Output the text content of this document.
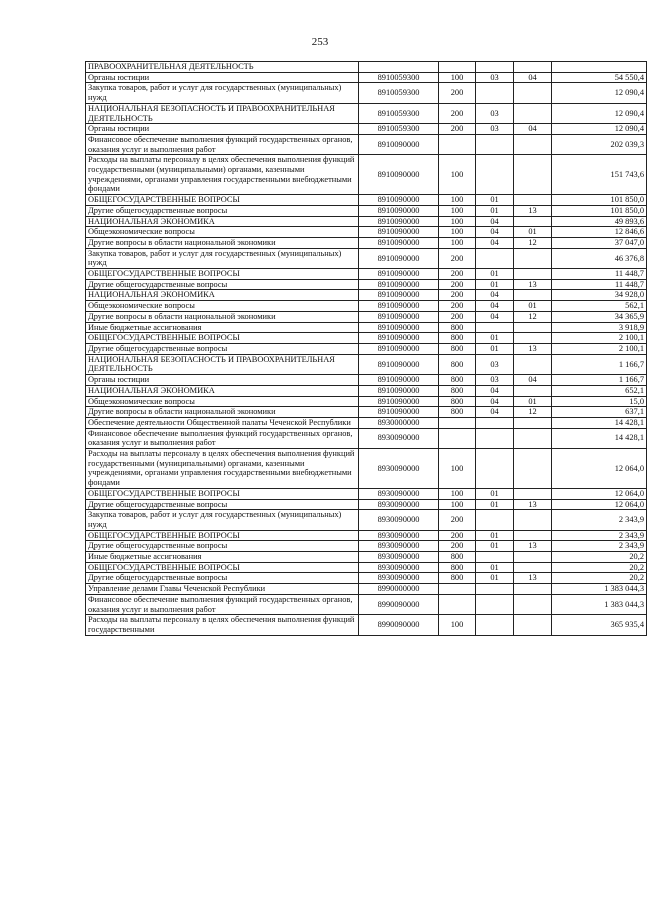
253
ПРАВООХРАНИТЕЛЬНАЯ ДЕЯТЕЛЬНОСТЬ					
Органы юстиции	8910059300	100	03	04	54 550,4
Закупка товаров, работ и услуг для государственных (муниципальных) нужд	8910059300	200			12 090,4
НАЦИОНАЛЬНАЯ БЕЗОПАСНОСТЬ И ПРАВООХРАНИТЕЛЬНАЯ ДЕЯТЕЛЬНОСТЬ	8910059300	200	03		12 090,4
Органы юстиции	8910059300	200	03	04	12 090,4
Финансовое обеспечение выполнения функций государственных органов, оказания услуг и выполнения работ	8910090000				202 039,3
Расходы на выплаты персоналу в целях обеспечения выполнения функций государственными (муниципальными) органами, казенными учреждениями, органами управления государственными внебюджетными фондами	8910090000	100			151 743,6
ОБЩЕГОСУДАРСТВЕННЫЕ ВОПРОСЫ	8910090000	100	01		101 850,0
Другие общегосударственные вопросы	8910090000	100	01	13	101 850,0
НАЦИОНАЛЬНАЯ ЭКОНОМИКА	8910090000	100	04		49 893,6
Общеэкономические вопросы	8910090000	100	04	01	12 846,6
Другие вопросы в области национальной экономики	8910090000	100	04	12	37 047,0
Закупка товаров, работ и услуг для государственных (муниципальных) нужд	8910090000	200			46 376,8
ОБЩЕГОСУДАРСТВЕННЫЕ ВОПРОСЫ	8910090000	200	01		11 448,7
Другие общегосударственные вопросы	8910090000	200	01	13	11 448,7
НАЦИОНАЛЬНАЯ ЭКОНОМИКА	8910090000	200	04		34 928,0
Общеэкономические вопросы	8910090000	200	04	01	562,1
Другие вопросы в области национальной экономики	8910090000	200	04	12	34 365,9
Иные бюджетные ассигнования	8910090000	800			3 918,9
ОБЩЕГОСУДАРСТВЕННЫЕ ВОПРОСЫ	8910090000	800	01		2 100,1
Другие общегосударственные вопросы	8910090000	800	01	13	2 100,1
НАЦИОНАЛЬНАЯ БЕЗОПАСНОСТЬ И ПРАВООХРАНИТЕЛЬНАЯ ДЕЯТЕЛЬНОСТЬ	8910090000	800	03		1 166,7
Органы юстиции	8910090000	800	03	04	1 166,7
НАЦИОНАЛЬНАЯ ЭКОНОМИКА	8910090000	800	04		652,1
Общеэкономические вопросы	8910090000	800	04	01	15,0
Другие вопросы в области национальной экономики	8910090000	800	04	12	637,1
Обеспечение деятельности Общественной палаты Чеченской Республики	8930000000				14 428,1
Финансовое обеспечение выполнения функций государственных органов, оказания услуг и выполнения работ	8930090000				14 428,1
Расходы на выплаты персоналу в целях обеспечения выполнения функций государственными (муниципальными) органами, казенными учреждениями, органами управления государственными внебюджетными фондами	8930090000	100			12 064,0
ОБЩЕГОСУДАРСТВЕННЫЕ ВОПРОСЫ	8930090000	100	01		12 064,0
Другие общегосударственные вопросы	8930090000	100	01	13	12 064,0
Закупка товаров, работ и услуг для государственных (муниципальных) нужд	8930090000	200			2 343,9
ОБЩЕГОСУДАРСТВЕННЫЕ ВОПРОСЫ	8930090000	200	01		2 343,9
Другие общегосударственные вопросы	8930090000	200	01	13	2 343,9
Иные бюджетные ассигнования	8930090000	800			20,2
ОБЩЕГОСУДАРСТВЕННЫЕ ВОПРОСЫ	8930090000	800	01		20,2
Другие общегосударственные вопросы	8930090000	800	01	13	20,2
Управление делами Главы Чеченской Республики	8990000000				1 383 044,3
Финансовое обеспечение выполнения функций государственных органов, оказания услуг и выполнения работ	8990090000				1 383 044,3
Расходы на выплаты персоналу в целях обеспечения выполнения функций государственными	8990090000	100			365 935,4
